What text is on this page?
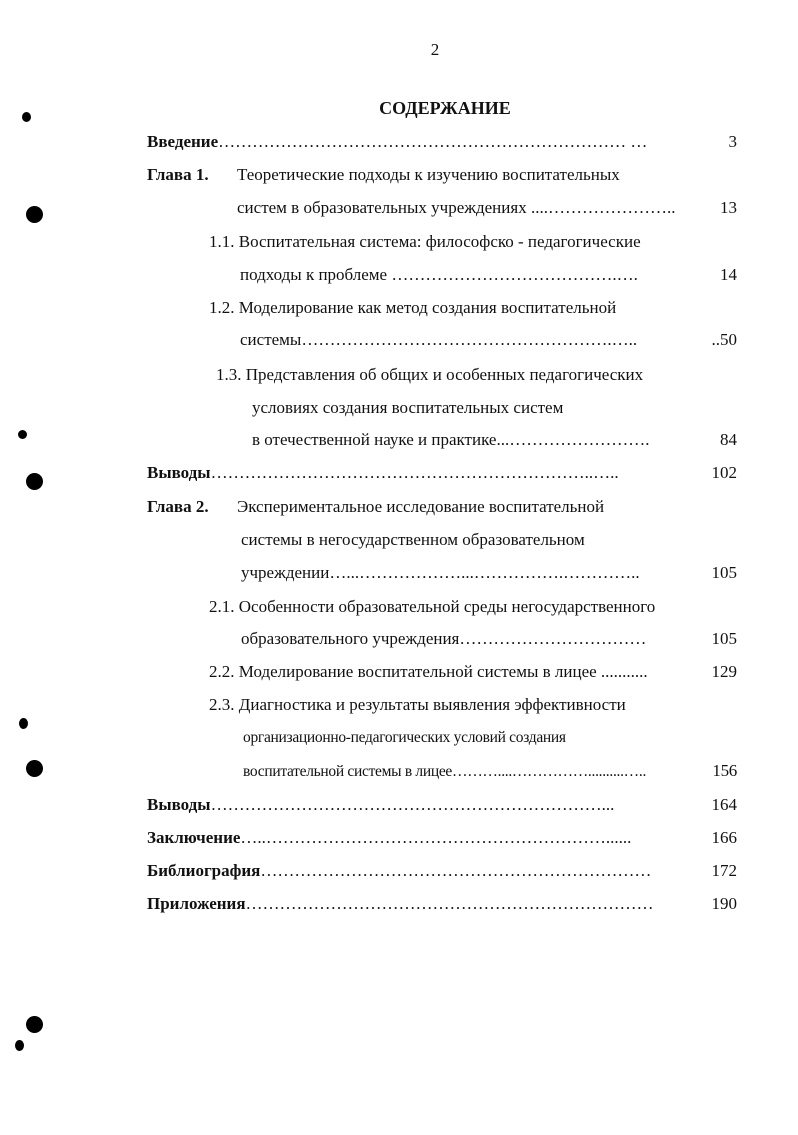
2
СОДЕРЖАНИЕ
Введение ……………………………………………………………… …	3
Глава 1. Теоретические подходы к изучению воспитательных
систем в образовательных учреждениях ....…………………..	13
1.1. Воспитательная система: философско - педагогические
подходы к проблеме ………………………………….….	14
1.2. Моделирование как метод создания воспитательной
системы……………………………………………….…..	..50
1.3. Представления об общих и особенных педагогических
условиях создания воспитательных систем
в отечественной науке и практике...…………………….	84
Выводы …………………………………………………………..…..	102
Глава 2. Экспериментальное исследование воспитательной
системы в негосударственном образовательном
учреждении…...………………...…………….…………..	105
2.1. Особенности образовательной среды негосударственного
образовательного учреждения……………………………	105
2.2. Моделирование воспитательной системы в лицее ...........	129
2.3. Диагностика и результаты выявления эффективности
организационно-педагогических условий создания
воспитательной системы в лицее………....……………..........…..	156
Выводы ……………………………………………………………...	164
Заключение …..……………………………………………………......	166
Библиография ……………………………………………………………	172
Приложения ………………………………………………………………	190
